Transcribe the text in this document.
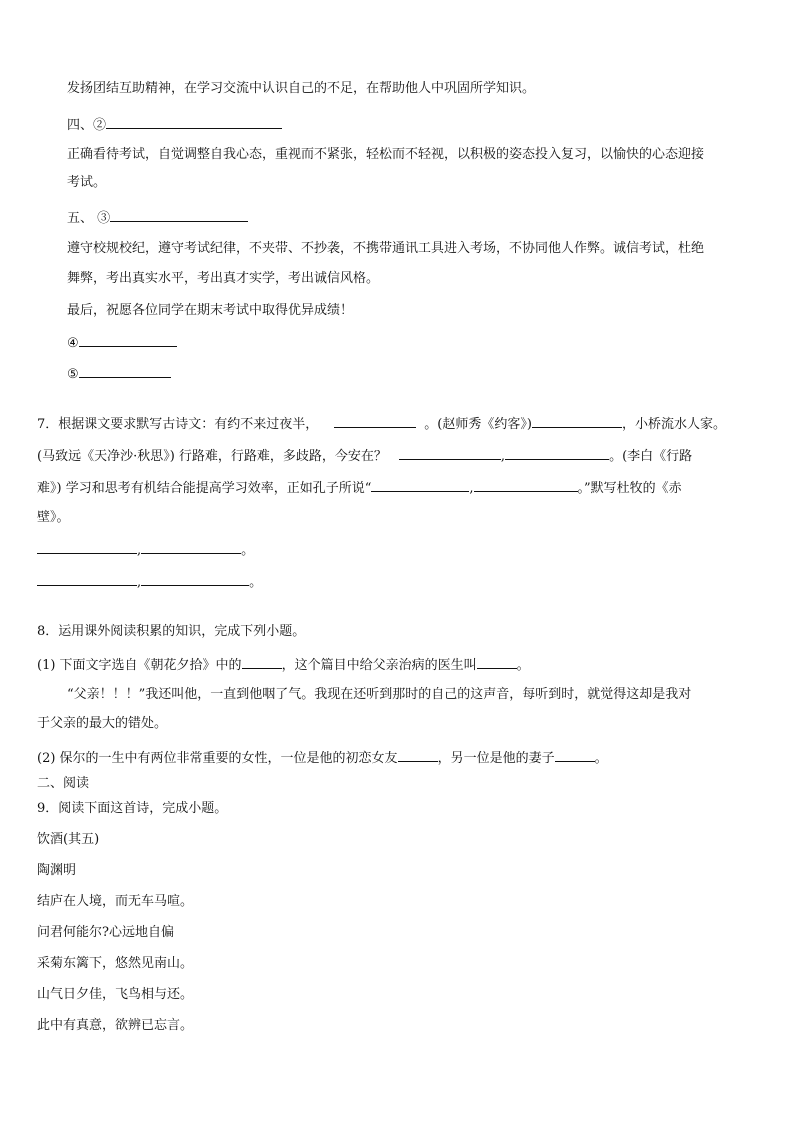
发扬团结互助精神，在学习交流中认识自己的不足，在帮助他人中巩固所学知识。
四、②
正确看待考试，自觉调整自我心态，重视而不紧张，轻松而不轻视，以积极的姿态投入复习，以愉快的心态迎接
考试。
五、 ③
遵守校规校纪，遵守考试纪律，不夹带、不抄袭，不携带通讯工具进入考场，不协同他人作弊。诚信考试，杜绝
舞弊，考出真实水平，考出真才实学，考出诚信风格。
最后，祝愿各位同学在期末考试中取得优异成绩！
④
⑤
7．根据课文要求默写古诗文：有约不来过夜半，	。(赵师秀《约客》)	，小桥流水人家。
(马致远《天净沙·秋思》) 行路难，行路难，多歧路，今安在？	,	。(李白《行路
难》) 学习和思考有机结合能提高学习效率，正如孔子所说“	,	。”默写杜牧的《赤
壁》。
,	。
,	。
8．运用课外阅读积累的知识，完成下列小题。
(1) 下面文字选自《朝花夕拾》中的	，这个篇目中给父亲治病的医生叫	。
“父亲！！！”我还叫他，一直到他咽了气。我现在还听到那时的自己的这声音，每听到时，就觉得这却是我对
于父亲的最大的错处。
(2) 保尔的一生中有两位非常重要的女性，一位是他的初恋女友	，另一位是他的妻子	。
二、阅读
9．阅读下面这首诗，完成小题。
饮酒(其五)
陶渊明
结庐在人境，而无车马喧。
问君何能尔?心远地自偏
采菊东篱下，悠然见南山。
山气日夕佳，飞鸟相与还。
此中有真意，欲辨已忘言。
